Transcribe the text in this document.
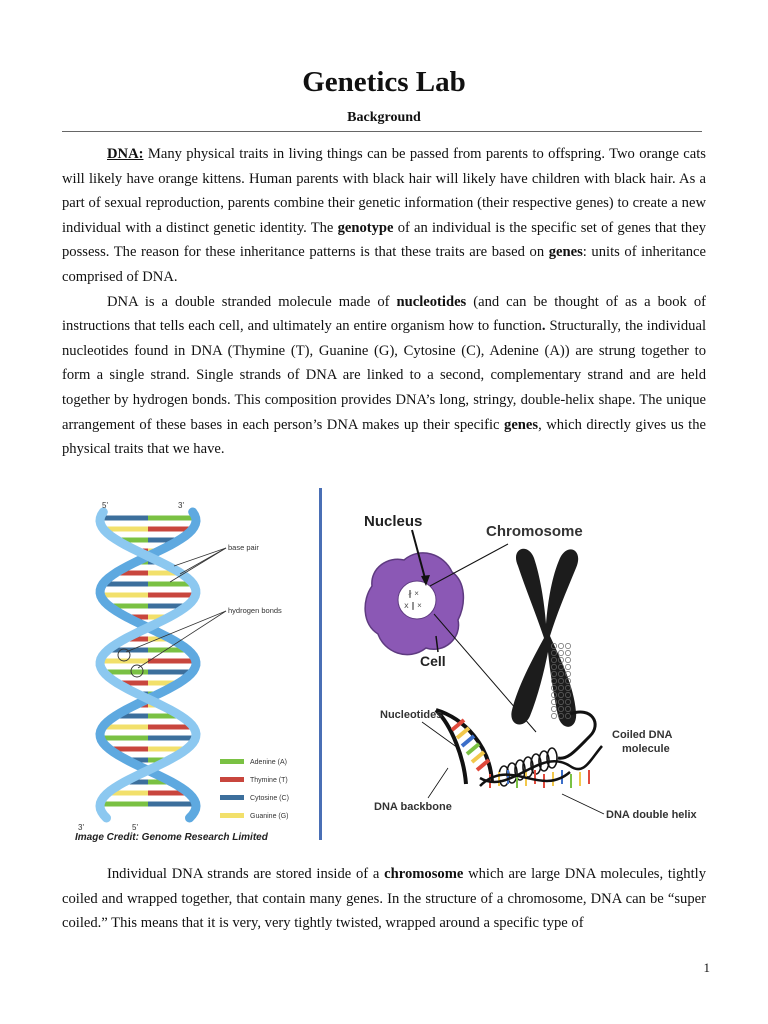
Genetics Lab
Background

DNA: Many physical traits in living things can be passed from parents to offspring. Two orange cats will likely have orange kittens. Human parents with black hair will likely have children with black hair. As a part of sexual reproduction, parents combine their genetic information (their respective genes) to create a new individual with a distinct genetic identity. The genotype of an individual is the specific set of genes that they possess. The reason for these inheritance patterns is that these traits are based on genes: units of inheritance comprised of DNA.

DNA is a double stranded molecule made of nucleotides (and can be thought of as a book of instructions that tells each cell, and ultimately an entire organism how to function. Structurally, the individual nucleotides found in DNA (Thymine (T), Guanine (G), Cytosine (C), Adenine (A)) are strung together to form a single strand. Single strands of DNA are linked to a second, complementary strand and are held together by hydrogen bonds. This composition provides DNA’s long, stringy, double-helix shape. The unique arrangement of these bases in each person’s DNA makes up their specific genes, which directly gives us the physical traits that we have.

5'	3'
3'	5'
base pair
hydrogen bonds
Adenine (A)
Thymine (T)
Cytosine (C)
Guanine (G)
Image Credit: Genome Research Limited
∦ ×
ⅹ ∥ ×
Nucleus
Cell
Chromosome
Nucleotides
Coiled DNA
molecule
DNA backbone
DNA double helix

Individual DNA strands are stored inside of a chromosome which are large DNA molecules, tightly coiled and wrapped together, that contain many genes. In the structure of a chromosome, DNA can be “super coiled.” This means that it is very, very tightly twisted, wrapped around a specific type of

1
